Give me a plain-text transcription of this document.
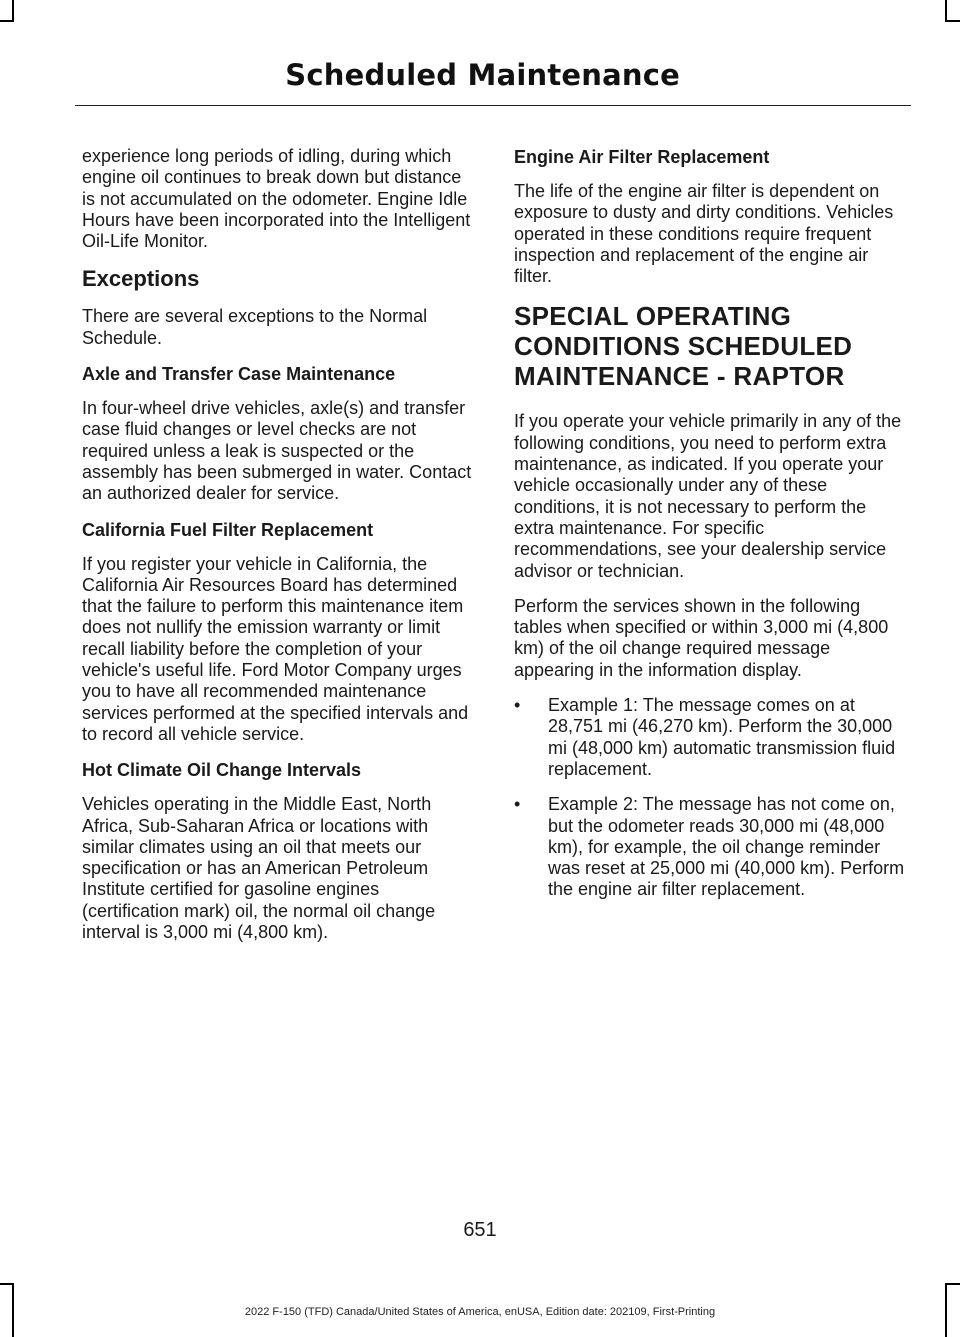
Scheduled Maintenance

experience long periods of idling, during which engine oil continues to break down but distance is not accumulated on the odometer. Engine Idle Hours have been incorporated into the Intelligent Oil-Life Monitor.

Exceptions

There are several exceptions to the Normal Schedule.

Axle and Transfer Case Maintenance

In four-wheel drive vehicles, axle(s) and transfer case fluid changes or level checks are not required unless a leak is suspected or the assembly has been submerged in water. Contact an authorized dealer for service.

California Fuel Filter Replacement

If you register your vehicle in California, the California Air Resources Board has determined that the failure to perform this maintenance item does not nullify the emission warranty or limit recall liability before the completion of your vehicle's useful life. Ford Motor Company urges you to have all recommended maintenance services performed at the specified intervals and to record all vehicle service.

Hot Climate Oil Change Intervals

Vehicles operating in the Middle East, North Africa, Sub-Saharan Africa or locations with similar climates using an oil that meets our specification or has an American Petroleum Institute certified for gasoline engines (certification mark) oil, the normal oil change interval is 3,000 mi (4,800 km).

Engine Air Filter Replacement

The life of the engine air filter is dependent on exposure to dusty and dirty conditions. Vehicles operated in these conditions require frequent inspection and replacement of the engine air filter.

SPECIAL OPERATING
CONDITIONS SCHEDULED
MAINTENANCE - RAPTOR

If you operate your vehicle primarily in any of the following conditions, you need to perform extra maintenance, as indicated. If you operate your vehicle occasionally under any of these conditions, it is not necessary to perform the extra maintenance. For specific recommendations, see your dealership service advisor or technician.

Perform the services shown in the following tables when specified or within 3,000 mi (4,800 km) of the oil change required message appearing in the information display.

• Example 1: The message comes on at 28,751 mi (46,270 km). Perform the 30,000 mi (48,000 km) automatic transmission fluid replacement.
• Example 2: The message has not come on, but the odometer reads 30,000 mi (48,000 km), for example, the oil change reminder was reset at 25,000 mi (40,000 km). Perform the engine air filter replacement.
651
2022 F-150 (TFD) Canada/United States of America, enUSA, Edition date: 202109, First-Printing
